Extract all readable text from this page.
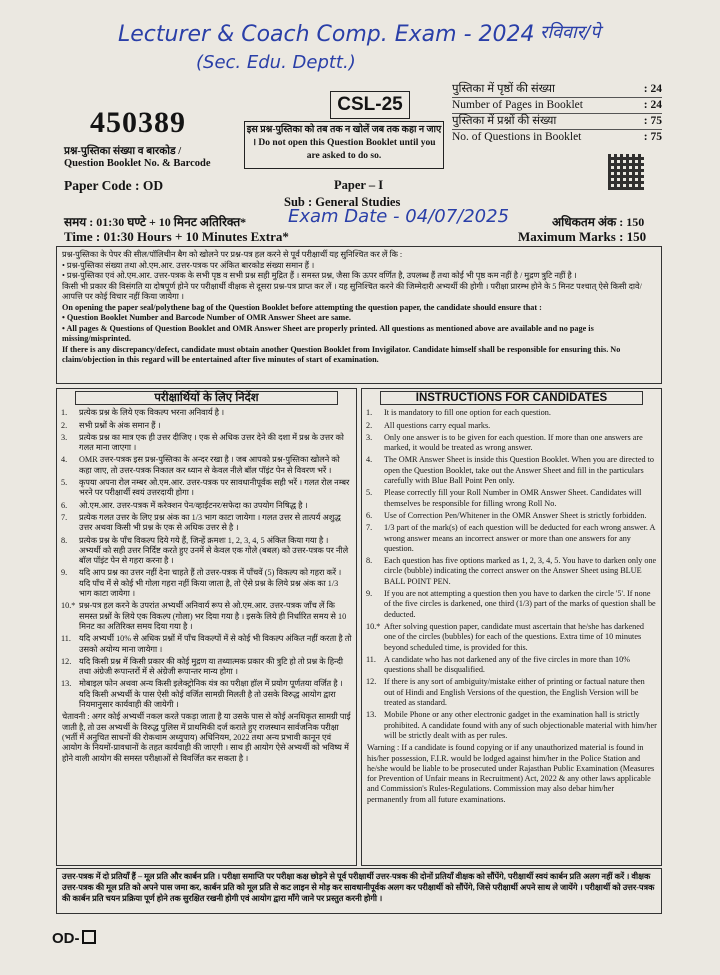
Lecturer & Coach Comp. Exam - 2024 रविवार/पे
(Sec. Edu. Deptt.)
450389
प्रश्न-पुस्तिका संख्या व बारकोड /
Question Booklet No. & Barcode
Paper Code : OD
CSL-25
इस प्रश्न-पुस्तिका को तब तक न खोलें जब तक कहा न जाए । Do not open this Question Booklet until you are asked to do so.
पुस्तिका में पृष्ठों की संख्या	: 24
Number of Pages in Booklet	: 24
पुस्तिका में प्रश्नों की संख्या	: 75
No. of Questions in Booklet	: 75
Paper – I
Sub : General Studies
समय : 01:30 घण्टे + 10 मिनट अतिरिक्त* Exam Date - 04/07/2025
Time : 01:30 Hours + 10 Minutes Extra*
अधिकतम अंक : 150
Maximum Marks : 150

प्रश्न-पुस्तिका के पेपर की सील/पॉलिथीन बैग को खोलने पर प्रश्न-पत्र हल करने से पूर्व परीक्षार्थी यह सुनिश्चित कर लें कि :

• प्रश्न-पुस्तिका संख्या तथा ओ.एम.आर. उत्तर-पत्रक पर अंकित बारकोड संख्या समान हैं ।

• प्रश्न-पुस्तिका एवं ओ.एम.आर. उत्तर-पत्रक के सभी पृष्ठ व सभी प्रश्न सही मुद्रित हैं । समस्त प्रश्न, जैसा कि ऊपर वर्णित है, उपलब्ध हैं तथा कोई भी पृष्ठ कम नहीं है / मुद्रण त्रुटि नहीं है ।

किसी भी प्रकार की विसंगति या दोषपूर्ण होने पर परीक्षार्थी वीक्षक से दूसरा प्रश्न-पत्र प्राप्त कर लें । यह सुनिश्चित करने की जिम्मेदारी अभ्यर्थी की होगी । परीक्षा प्रारम्भ होने के 5 मिनट पश्चात् ऐसे किसी दावे/आपत्ति पर कोई विचार नहीं किया जायेगा ।

On opening the paper seal/polythene bag of the Question Booklet before attempting the question paper, the candidate should ensure that :

• Question Booklet Number and Barcode Number of OMR Answer Sheet are same.

• All pages & Questions of Question Booklet and OMR Answer Sheet are properly printed. All questions as mentioned above are available and no page is missing/misprinted.

If there is any discrepancy/defect, candidate must obtain another Question Booklet from Invigilator. Candidate himself shall be responsible for ensuring this. No claim/objection in this regard will be entertained after five minutes of start of examination.

परीक्षार्थियों के लिए निर्देश
1.	प्रत्येक प्रश्न के लिये एक विकल्प भरना अनिवार्य है ।
2.	सभी प्रश्नों के अंक समान हैं ।
3.	प्रत्येक प्रश्न का मात्र एक ही उत्तर दीजिए । एक से अधिक उत्तर देने की दशा में प्रश्न के उत्तर को गलत माना जाएगा ।
4.	OMR उत्तर-पत्रक इस प्रश्न-पुस्तिका के अन्दर रखा है । जब आपको प्रश्न-पुस्तिका खोलने को कहा जाए, तो उत्तर-पत्रक निकाल कर ध्यान से केवल नीले बॉल पॉइंट पेन से विवरण भरें ।
5.	कृपया अपना रोल नम्बर ओ.एम.आर. उत्तर-पत्रक पर सावधानीपूर्वक सही भरें । गलत रोल नम्बर भरने पर परीक्षार्थी स्वयं उत्तरदायी होगा ।
6.	ओ.एम.आर. उत्तर-पत्रक में करेक्शन पेन/व्हाईटनर/सफेदा का उपयोग निषिद्ध है ।
7.	प्रत्येक गलत उत्तर के लिए प्रश्न अंक का 1/3 भाग काटा जायेगा । गलत उत्तर से तात्पर्य अशुद्ध उत्तर अथवा किसी भी प्रश्न के एक से अधिक उत्तर से है ।
8.	प्रत्येक प्रश्न के पाँच विकल्प दिये गये हैं, जिन्हें क्रमशः 1, 2, 3, 4, 5 अंकित किया गया है । अभ्यर्थी को सही उत्तर निर्दिष्ट करते हुए उनमें से केवल एक गोले (बबल) को उत्तर-पत्रक पर नीले बॉल पॉइंट पेन से गहरा करना है ।
9.	यदि आप प्रश्न का उत्तर नहीं देना चाहते हैं तो उत्तर-पत्रक में पाँचवें (5) विकल्प को गहरा करें । यदि पाँच में से कोई भी गोला गहरा नहीं किया जाता है, तो ऐसे प्रश्न के लिये प्रश्न अंक का 1/3 भाग काटा जायेगा ।
10.* प्रश्न-पत्र हल करने के उपरांत अभ्यर्थी अनिवार्य रूप से ओ.एम.आर. उत्तर-पत्रक जाँच लें कि समस्त प्रश्नों के लिये एक विकल्प (गोला) भर दिया गया है । इसके लिये ही निर्धारित समय से 10 मिनट का अतिरिक्त समय दिया गया है ।
11. यदि अभ्यर्थी 10% से अधिक प्रश्नों में पाँच विकल्पों में से कोई भी विकल्प अंकित नहीं करता है तो उसको अयोग्य माना जायेगा ।
12. यदि किसी प्रश्न में किसी प्रकार की कोई मुद्रण या तथ्यात्मक प्रकार की त्रुटि हो तो प्रश्न के हिन्दी तथा अंग्रेजी रूपान्तरों में से अंग्रेजी रूपान्तर मान्य होगा ।
13. मोबाइल फोन अथवा अन्य किसी इलेक्ट्रोनिक यंत्र का परीक्षा हॉल में प्रयोग पूर्णतया वर्जित है । यदि किसी अभ्यर्थी के पास ऐसी कोई वर्जित सामग्री मिलती है तो उसके विरुद्ध आयोग द्वारा नियमानुसार कार्यवाही की जायेगी ।
चेतावनी : अगर कोई अभ्यर्थी नकल करते पकड़ा जाता है या उसके पास से कोई अनधिकृत सामग्री पाई जाती है, तो उस अभ्यर्थी के विरुद्ध पुलिस में प्राथमिकी दर्ज कराते हुए राजस्थान सार्वजनिक परीक्षा (भर्ती में अनुचित साधनों की रोकथाम अध्युपाय) अधिनियम, 2022 तथा अन्य प्रभावी कानून एवं आयोग के नियमों-प्रावधानों के तहत कार्यवाही की जाएगी । साथ ही आयोग ऐसे अभ्यर्थी को भविष्य में होने वाली आयोग की समस्त परीक्षाओं से विवर्जित कर सकता है ।
INSTRUCTIONS FOR CANDIDATES
1.	It is mandatory to fill one option for each question.
2.	All questions carry equal marks.
3.	Only one answer is to be given for each question. If more than one answers are marked, it would be treated as wrong answer.
4.	The OMR Answer Sheet is inside this Question Booklet. When you are directed to open the Question Booklet, take out the Answer Sheet and fill in the particulars carefully with Blue Ball Point Pen only.
5.	Please correctly fill your Roll Number in OMR Answer Sheet. Candidates will themselves be responsible for filling wrong Roll No.
6.	Use of Correction Pen/Whitener in the OMR Answer Sheet is strictly forbidden.
7.	1/3 part of the mark(s) of each question will be deducted for each wrong answer. A wrong answer means an incorrect answer or more than one answers for any question.
8.	Each question has five options marked as 1, 2, 3, 4, 5. You have to darken only one circle (bubble) indicating the correct answer on the Answer Sheet using BLUE BALL POINT PEN.
9.	If you are not attempting a question then you have to darken the circle '5'. If none of the five circles is darkened, one third (1/3) part of the marks of question shall be deducted.
10.* After solving question paper, candidate must ascertain that he/she has darkened one of the circles (bubbles) for each of the questions. Extra time of 10 minutes beyond scheduled time, is provided for this.
11. A candidate who has not darkened any of the five circles in more than 10% questions shall be disqualified.
12. If there is any sort of ambiguity/mistake either of printing or factual nature then out of Hindi and English Versions of the question, the English Version will be treated as standard.
13. Mobile Phone or any other electronic gadget in the examination hall is strictly prohibited. A candidate found with any of such objectionable material with him/her will be strictly dealt with as per rules.
Warning : If a candidate is found copying or if any unauthorized material is found in his/her possession, F.I.R. would be lodged against him/her in the Police Station and he/she would be liable to be prosecuted under Rajasthan Public Examination (Measures for Prevention of Unfair means in Recruitment) Act, 2022 & any other laws applicable and Commission's Rules-Regulations. Commission may also debar him/her permanently from all future examinations.
उत्तर-पत्रक में दो प्रतियाँ हैं – मूल प्रति और कार्बन प्रति । परीक्षा समाप्ति पर परीक्षा कक्ष छोड़ने से पूर्व परीक्षार्थी उत्तर-पत्रक की दोनों प्रतियाँ वीक्षक को सौंपेंगे, परीक्षार्थी स्वयं कार्बन प्रति अलग नहीं करें । वीक्षक उत्तर-पत्रक की मूल प्रति को अपने पास जमा कर, कार्बन प्रति को मूल प्रति से कट लाइन से मोड़ कर सावधानीपूर्वक अलग कर परीक्षार्थी को सौंपेंगे, जिसे परीक्षार्थी अपने साथ ले जायेंगे । परीक्षार्थी को उत्तर-पत्रक की कार्बन प्रति चयन प्रक्रिया पूर्ण होने तक सुरक्षित रखनी होगी एवं आयोग द्वारा माँगे जाने पर प्रस्तुत करनी होगी ।
OD-
